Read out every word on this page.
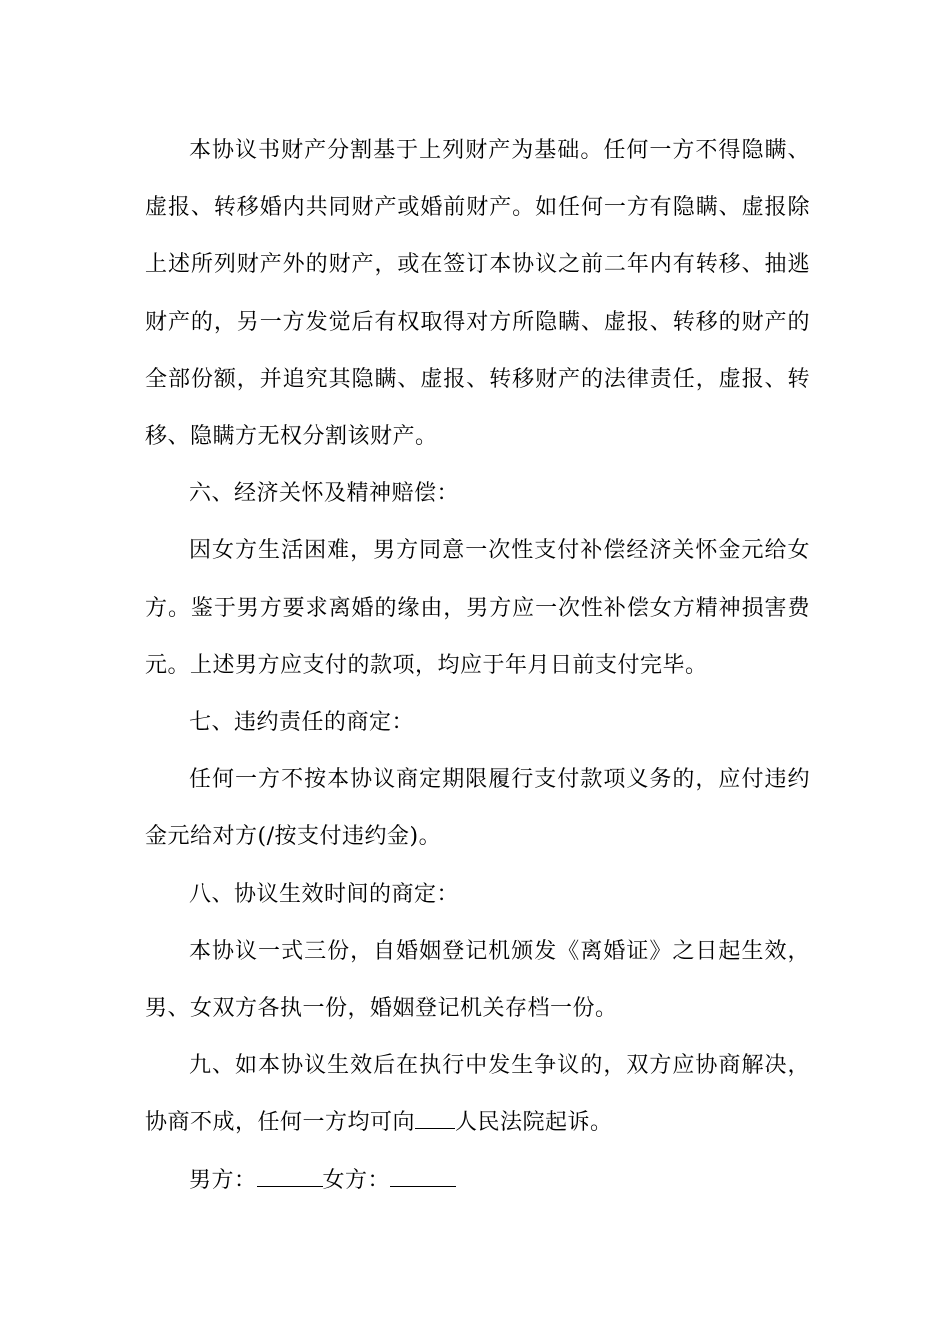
本协议书财产分割基于上列财产为基础。任何一方不得隐瞒、虚报、转移婚内共同财产或婚前财产。如任何一方有隐瞒、虚报除上述所列财产外的财产，或在签订本协议之前二年内有转移、抽逃财产的，另一方发觉后有权取得对方所隐瞒、虚报、转移的财产的全部份额，并追究其隐瞒、虚报、转移财产的法律责任，虚报、转移、隐瞒方无权分割该财产。

六、经济关怀及精神赔偿：

因女方生活困难，男方同意一次性支付补偿经济关怀金元给女方。鉴于男方要求离婚的缘由，男方应一次性补偿女方精神损害费元。上述男方应支付的款项，均应于年月日前支付完毕。

七、违约责任的商定：

任何一方不按本协议商定期限履行支付款项义务的，应付违约金元给对方(/按支付违约金)。

八、协议生效时间的商定：

本协议一式三份，自婚姻登记机颁发《离婚证》之日起生效，男、女双方各执一份，婚姻登记机关存档一份。

九、如本协议生效后在执行中发生争议的，双方应协商解决，协商不成，任何一方均可向 人民法院起诉。

男方：	女方：
